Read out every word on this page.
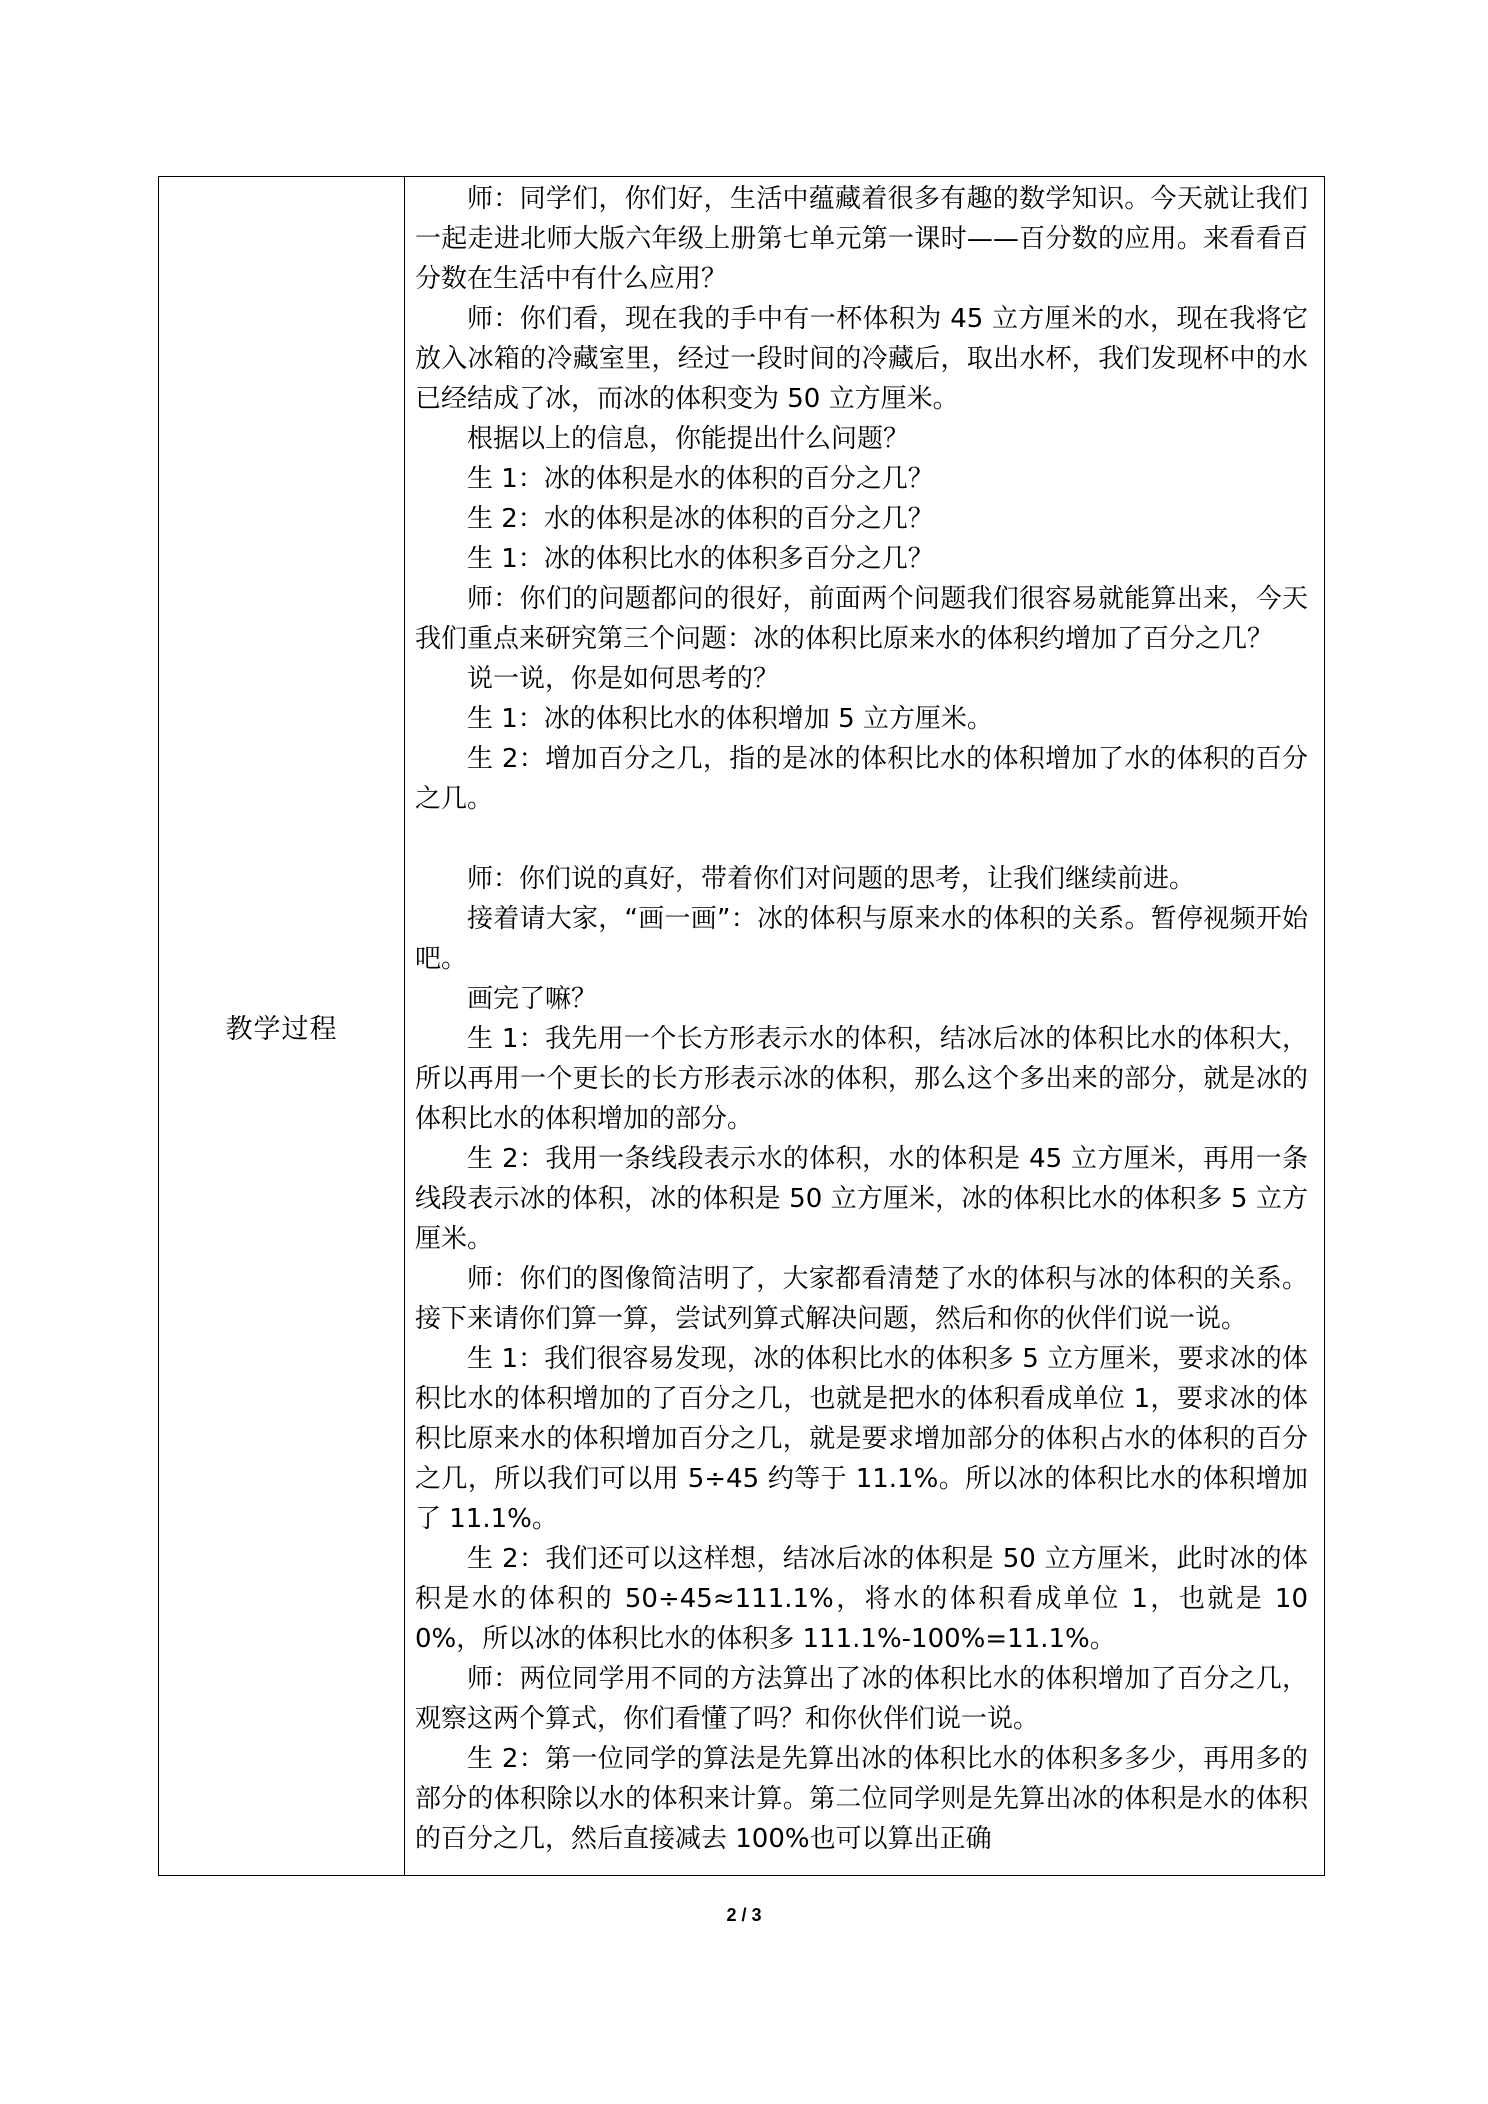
教学过程	

师：同学们，你们好，生活中蕴藏着很多有趣的数学知识。今天就让我们一起走进北师大版六年级上册第七单元第一课时——百分数的应用。来看看百分数在生活中有什么应用？

师：你们看，现在我的手中有一杯体积为 45 立方厘米的水，现在我将它放入冰箱的冷藏室里，经过一段时间的冷藏后，取出水杯，我们发现杯中的水已经结成了冰，而冰的体积变为 50 立方厘米。

根据以上的信息，你能提出什么问题？

生 1：冰的体积是水的体积的百分之几？

生 2：水的体积是冰的体积的百分之几？

生 1：冰的体积比水的体积多百分之几？

师：你们的问题都问的很好，前面两个问题我们很容易就能算出来，今天我们重点来研究第三个问题：冰的体积比原来水的体积约增加了百分之几？

说一说，你是如何思考的？

生 1：冰的体积比水的体积增加 5 立方厘米。

生 2：增加百分之几，指的是冰的体积比水的体积增加了水的体积的百分之几。

师：你们说的真好，带着你们对问题的思考，让我们继续前进。

接着请大家，“画一画”：冰的体积与原来水的体积的关系。暂停视频开始吧。

画完了嘛？

生 1：我先用一个长方形表示水的体积，结冰后冰的体积比水的体积大，所以再用一个更长的长方形表示冰的体积，那么这个多出来的部分，就是冰的体积比水的体积增加的部分。

生 2：我用一条线段表示水的体积，水的体积是 45 立方厘米，再用一条线段表示冰的体积，冰的体积是 50 立方厘米，冰的体积比水的体积多 5 立方厘米。

师：你们的图像简洁明了，大家都看清楚了水的体积与冰的体积的关系。接下来请你们算一算，尝试列算式解决问题，然后和你的伙伴们说一说。

生 1：我们很容易发现，冰的体积比水的体积多 5 立方厘米，要求冰的体积比水的体积增加的了百分之几，也就是把水的体积看成单位 1，要求冰的体积比原来水的体积增加百分之几，就是要求增加部分的体积占水的体积的百分之几，所以我们可以用 5÷45 约等于 11.1%。所以冰的体积比水的体积增加了 11.1%。

生 2：我们还可以这样想，结冰后冰的体积是 50 立方厘米，此时冰的体积是水的体积的 50÷45≈111.1%，将水的体积看成单位 1，也就是 100%，所以冰的体积比水的体积多 111.1%-100%=11.1%。

师：两位同学用不同的方法算出了冰的体积比水的体积增加了百分之几，观察这两个算式，你们看懂了吗？和你伙伴们说一说。

生 2：第一位同学的算法是先算出冰的体积比水的体积多多少，再用多的部分的体积除以水的体积来计算。第二位同学则是先算出冰的体积是水的体积的百分之几，然后直接减去 100%也可以算出正确

2 / 3
